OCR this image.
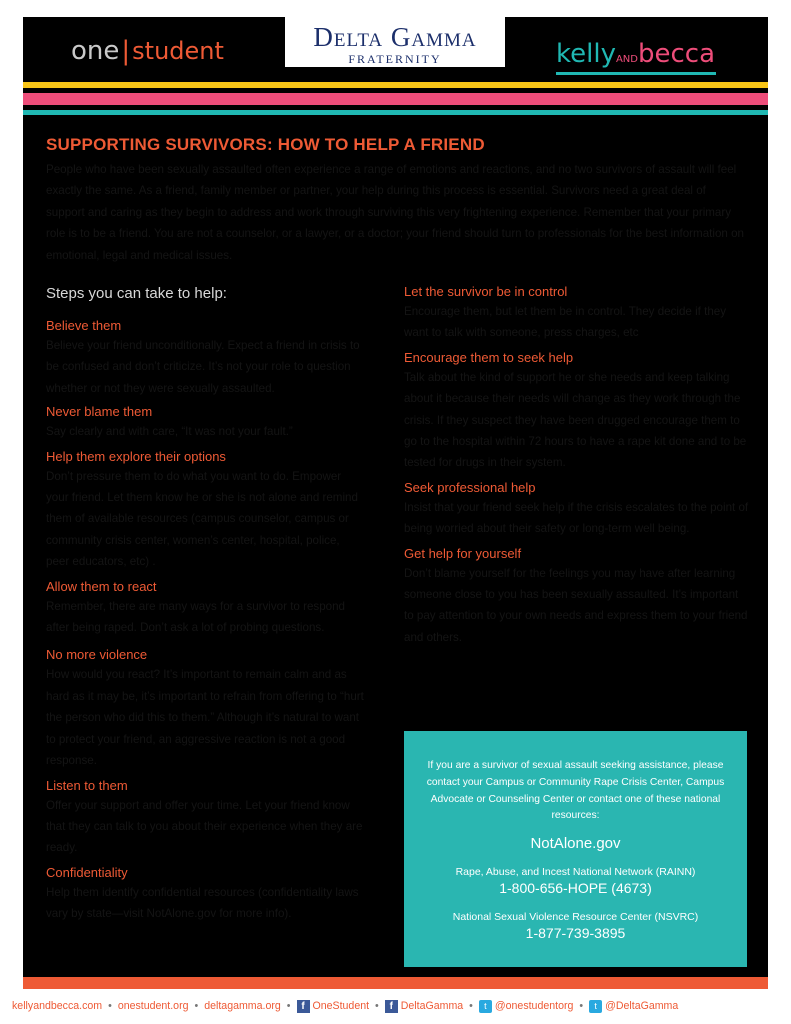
one|student	Delta Gamma
FRATERNITY	kellyANDbecca
SUPPORTING SURVIVORS: HOW TO HELP A FRIEND

People who have been sexually assaulted often experience a range of emotions and reactions, and no two survivors of assault will feel exactly the same. As a friend, family member or partner, your help during this process is essential. Survivors need a great deal of support and caring as they begin to address and work through surviving this very frightening experience. Remember that your primary role is to be a friend. You are not a counselor, or a lawyer, or a doctor; your friend should turn to professionals for the best information on emotional, legal and medical issues.

Steps you can take to help:
Believe them
Believe your friend unconditionally. Expect a friend in crisis to be confused and don’t criticize. It’s not your role to question whether or not they were sexually assaulted.
Never blame them
Say clearly and with care, “It was not your fault.”
Help them explore their options
Don’t pressure them to do what you want to do. Empower your friend. Let them know he or she is not alone and remind them of available resources (campus counselor, campus or community crisis center, women’s center, hospital, police, peer educators, etc) .
Allow them to react
Remember, there are many ways for a survivor to respond after being raped. Don’t ask a lot of probing questions.
No more violence
How would you react? It’s important to remain calm and as hard as it may be, it’s important to refrain from offering to “hurt the person who did this to them.” Although it’s natural to want to protect your friend, an aggressive reaction is not a good response.
Listen to them
Offer your support and offer your time. Let your friend know that they can talk to you about their experience when they are ready.
Confidentiality
Help them identify confidential resources (confidentiality laws vary by state—visit NotAlone.gov for more info).
Let the survivor be in control
Encourage them, but let them be in control. They decide if they want to talk with someone, press charges, etc
Encourage them to seek help
Talk about the kind of support he or she needs and keep talking about it because their needs will change as they work through the crisis. If they suspect they have been drugged encourage them to go to the hospital within 72 hours to have a rape kit done and to be tested for drugs in their system.
Seek professional help
Insist that your friend seek help if the crisis escalates to the point of being worried about their safety or long-term well being.
Get help for yourself
Don’t blame yourself for the feelings you may have after learning someone close to you has been sexually assaulted. It’s important to pay attention to your own needs and express them to your friend and others.
If you are a survivor of sexual assault seeking assistance, please contact your Campus or Community Rape Crisis Center, Campus Advocate or Counseling Center or contact one of these national resources:
NotAlone.gov
Rape, Abuse, and Incest National Network (RAINN)
1-800-656-HOPE (4673)
National Sexual Violence Resource Center (NSVRC)
1-877-739-3895
kellyandbecca.com • onestudent.org • deltagamma.org •	f OneStudent •	f DeltaGamma •	t @onestudentorg •	t @DeltaGamma
